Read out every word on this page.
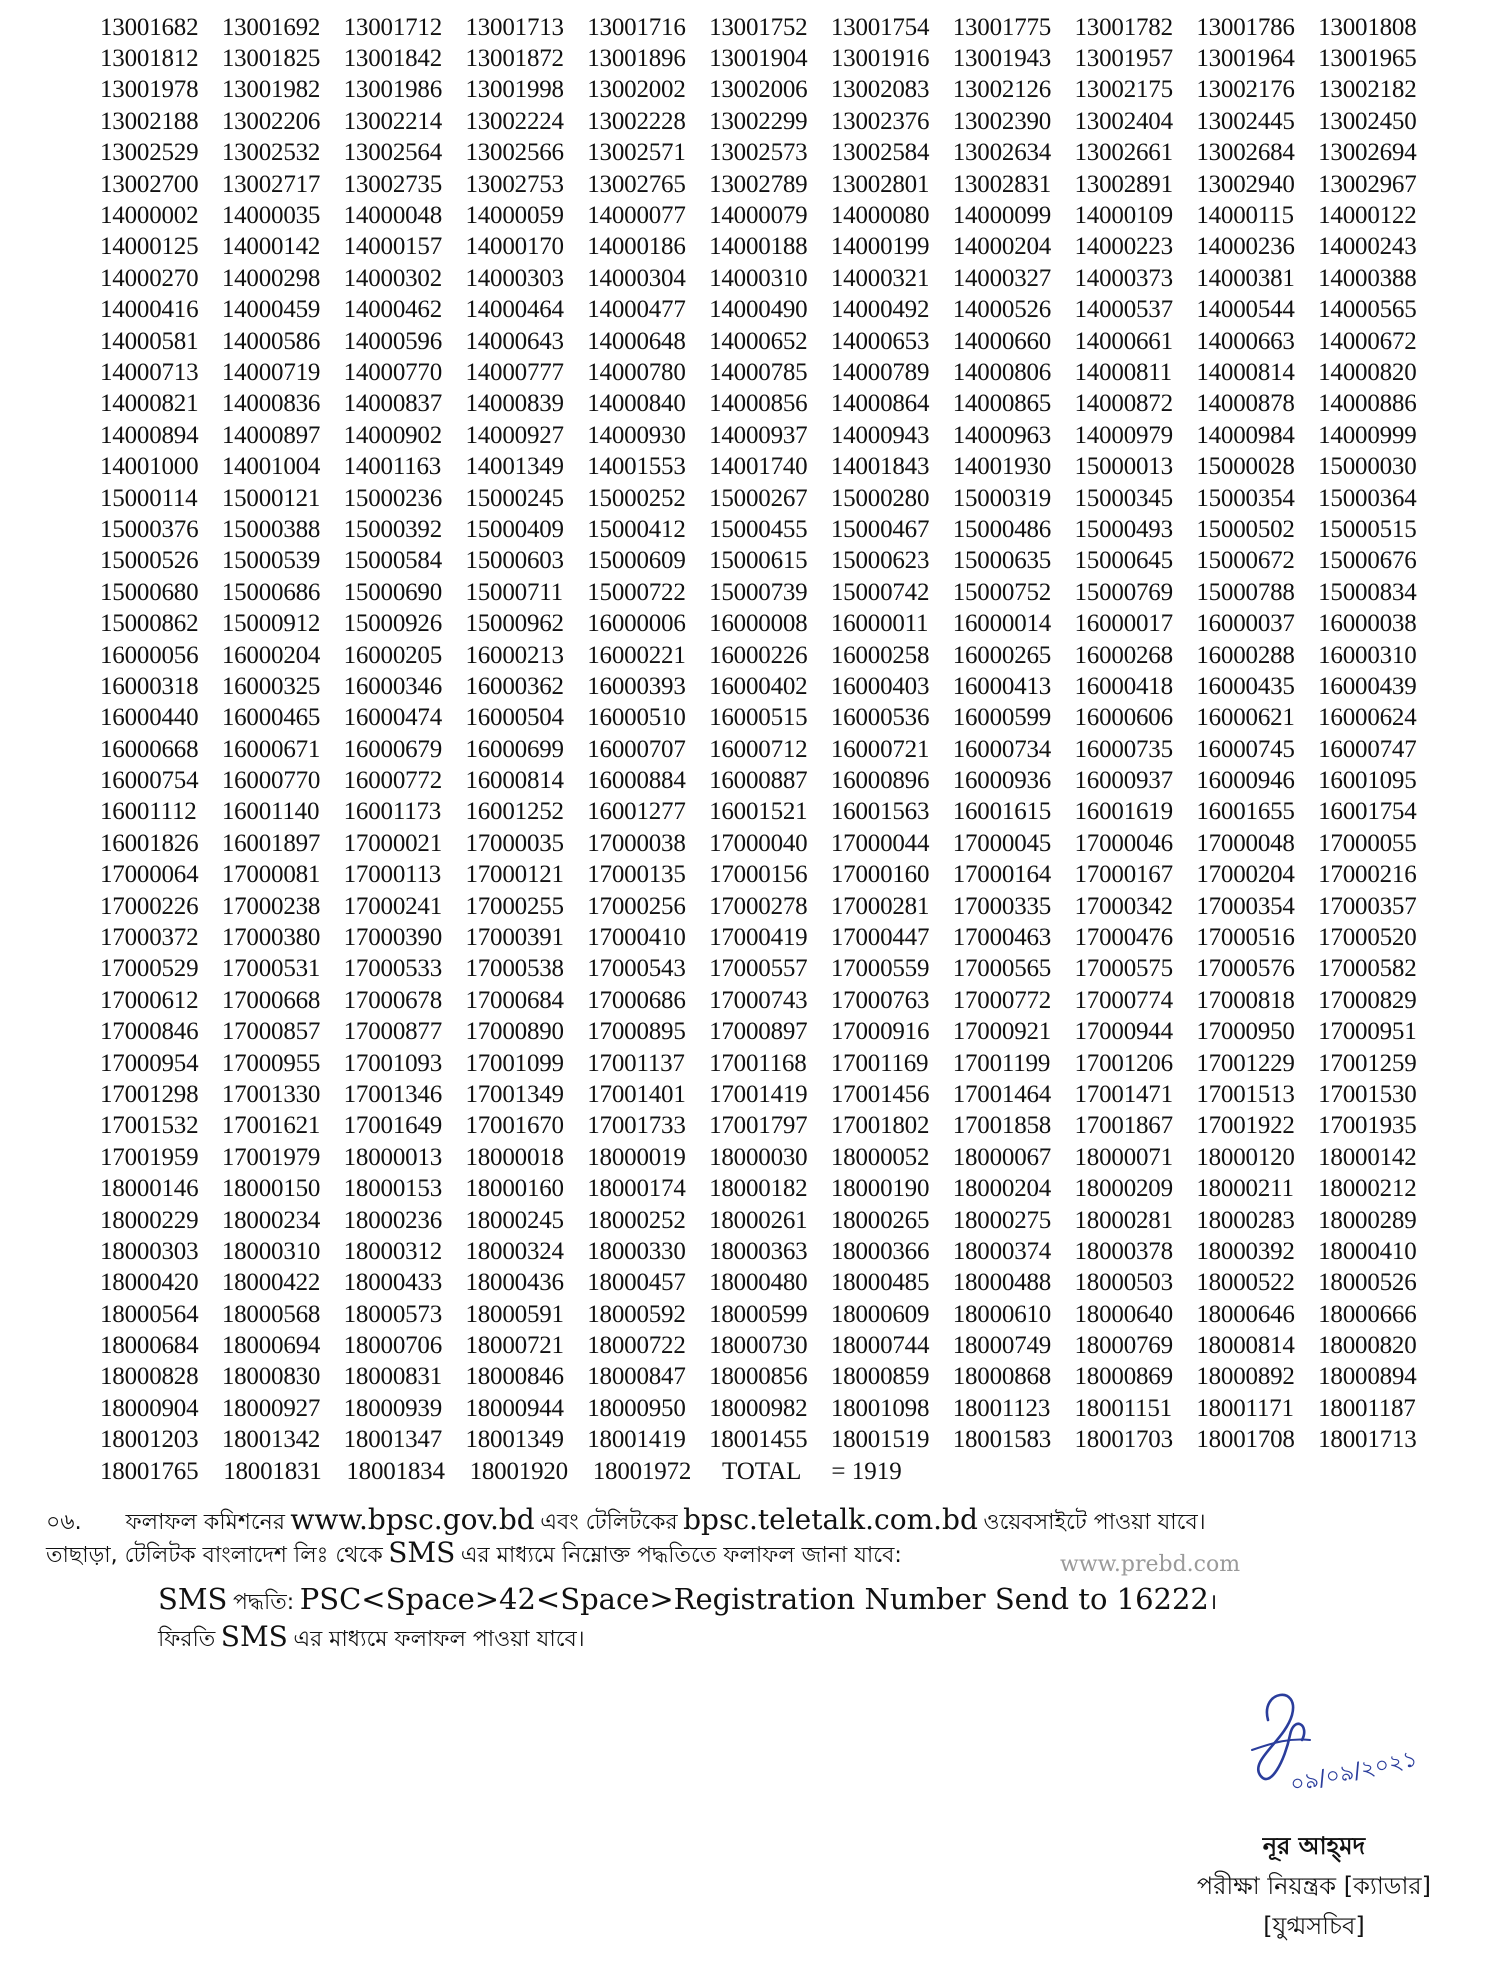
13001682 13001692 13001712 13001713 13001716 13001752 13001754 13001775 13001782 13001786 13001808
13001812 13001825 13001842 13001872 13001896 13001904 13001916 13001943 13001957 13001964 13001965
13001978 13001982 13001986 13001998 13002002 13002006 13002083 13002126 13002175 13002176 13002182
13002188 13002206 13002214 13002224 13002228 13002299 13002376 13002390 13002404 13002445 13002450
13002529 13002532 13002564 13002566 13002571 13002573 13002584 13002634 13002661 13002684 13002694
13002700 13002717 13002735 13002753 13002765 13002789 13002801 13002831 13002891 13002940 13002967
14000002 14000035 14000048 14000059 14000077 14000079 14000080 14000099 14000109 14000115 14000122
14000125 14000142 14000157 14000170 14000186 14000188 14000199 14000204 14000223 14000236 14000243
14000270 14000298 14000302 14000303 14000304 14000310 14000321 14000327 14000373 14000381 14000388
14000416 14000459 14000462 14000464 14000477 14000490 14000492 14000526 14000537 14000544 14000565
14000581 14000586 14000596 14000643 14000648 14000652 14000653 14000660 14000661 14000663 14000672
14000713 14000719 14000770 14000777 14000780 14000785 14000789 14000806 14000811 14000814 14000820
14000821 14000836 14000837 14000839 14000840 14000856 14000864 14000865 14000872 14000878 14000886
14000894 14000897 14000902 14000927 14000930 14000937 14000943 14000963 14000979 14000984 14000999
14001000 14001004 14001163 14001349 14001553 14001740 14001843 14001930 15000013 15000028 15000030
15000114 15000121 15000236 15000245 15000252 15000267 15000280 15000319 15000345 15000354 15000364
15000376 15000388 15000392 15000409 15000412 15000455 15000467 15000486 15000493 15000502 15000515
15000526 15000539 15000584 15000603 15000609 15000615 15000623 15000635 15000645 15000672 15000676
15000680 15000686 15000690 15000711 15000722 15000739 15000742 15000752 15000769 15000788 15000834
15000862 15000912 15000926 15000962 16000006 16000008 16000011 16000014 16000017 16000037 16000038
16000056 16000204 16000205 16000213 16000221 16000226 16000258 16000265 16000268 16000288 16000310
16000318 16000325 16000346 16000362 16000393 16000402 16000403 16000413 16000418 16000435 16000439
16000440 16000465 16000474 16000504 16000510 16000515 16000536 16000599 16000606 16000621 16000624
16000668 16000671 16000679 16000699 16000707 16000712 16000721 16000734 16000735 16000745 16000747
16000754 16000770 16000772 16000814 16000884 16000887 16000896 16000936 16000937 16000946 16001095
16001112	16001140 16001173 16001252 16001277 16001521 16001563 16001615 16001619 16001655 16001754
16001826 16001897 17000021 17000035 17000038 17000040 17000044 17000045 17000046 17000048 17000055
17000064 17000081 17000113 17000121 17000135 17000156 17000160 17000164 17000167 17000204 17000216
17000226 17000238 17000241 17000255 17000256 17000278 17000281 17000335 17000342 17000354 17000357
17000372 17000380 17000390 17000391 17000410 17000419 17000447 17000463 17000476 17000516 17000520
17000529 17000531 17000533 17000538 17000543 17000557 17000559 17000565 17000575 17000576 17000582
17000612 17000668 17000678 17000684 17000686 17000743 17000763 17000772 17000774 17000818 17000829
17000846 17000857 17000877 17000890 17000895 17000897 17000916 17000921 17000944 17000950 17000951
17000954 17000955 17001093 17001099 17001137 17001168 17001169 17001199 17001206 17001229 17001259
17001298 17001330 17001346 17001349 17001401 17001419 17001456 17001464 17001471 17001513 17001530
17001532 17001621 17001649 17001670 17001733 17001797 17001802 17001858 17001867 17001922 17001935
17001959 17001979 18000013 18000018 18000019 18000030 18000052 18000067 18000071 18000120 18000142
18000146 18000150 18000153 18000160 18000174 18000182 18000190 18000204 18000209 18000211 18000212
18000229 18000234 18000236 18000245 18000252 18000261 18000265 18000275 18000281 18000283 18000289
18000303 18000310 18000312 18000324 18000330 18000363 18000366 18000374 18000378 18000392 18000410
18000420 18000422 18000433 18000436 18000457 18000480 18000485 18000488 18000503 18000522 18000526
18000564 18000568 18000573 18000591 18000592 18000599 18000609 18000610 18000640 18000646 18000666
18000684 18000694 18000706 18000721 18000722 18000730 18000744 18000749 18000769 18000814 18000820
18000828 18000830 18000831 18000846 18000847 18000856 18000859 18000868 18000869 18000892 18000894
18000904 18000927 18000939 18000944 18000950 18000982 18001098 18001123 18001151 18001171 18001187
18001203 18001342 18001347 18001349 18001419 18001455 18001519 18001583 18001703 18001708 18001713
18001765 18001831 18001834 18001920 18001972	TOTAL = 1919
০৬. ফলাফল কমিশনের www.bpsc.gov.bd এবং টেলিটকের bpsc.teletalk.com.bd ওয়েবসাইটে পাওয়া যাবে।
তাছাড়া, টেলিটক বাংলাদেশ লিঃ থেকে SMS এর মাধ্যমে নিম্নোক্ত পদ্ধতিতে ফলাফল জানা যাবে:	www.prebd.com
SMS পদ্ধতি: PSC<Space>42<Space>Registration Number Send to 16222।
ফিরতি SMS এর মাধ্যমে ফলাফল পাওয়া যাবে।
০৯/০৯/২০২১
নূর আহ্‌মদ
পরীক্ষা নিয়ন্ত্রক [ক্যাডার]
[যুগ্মসচিব]
